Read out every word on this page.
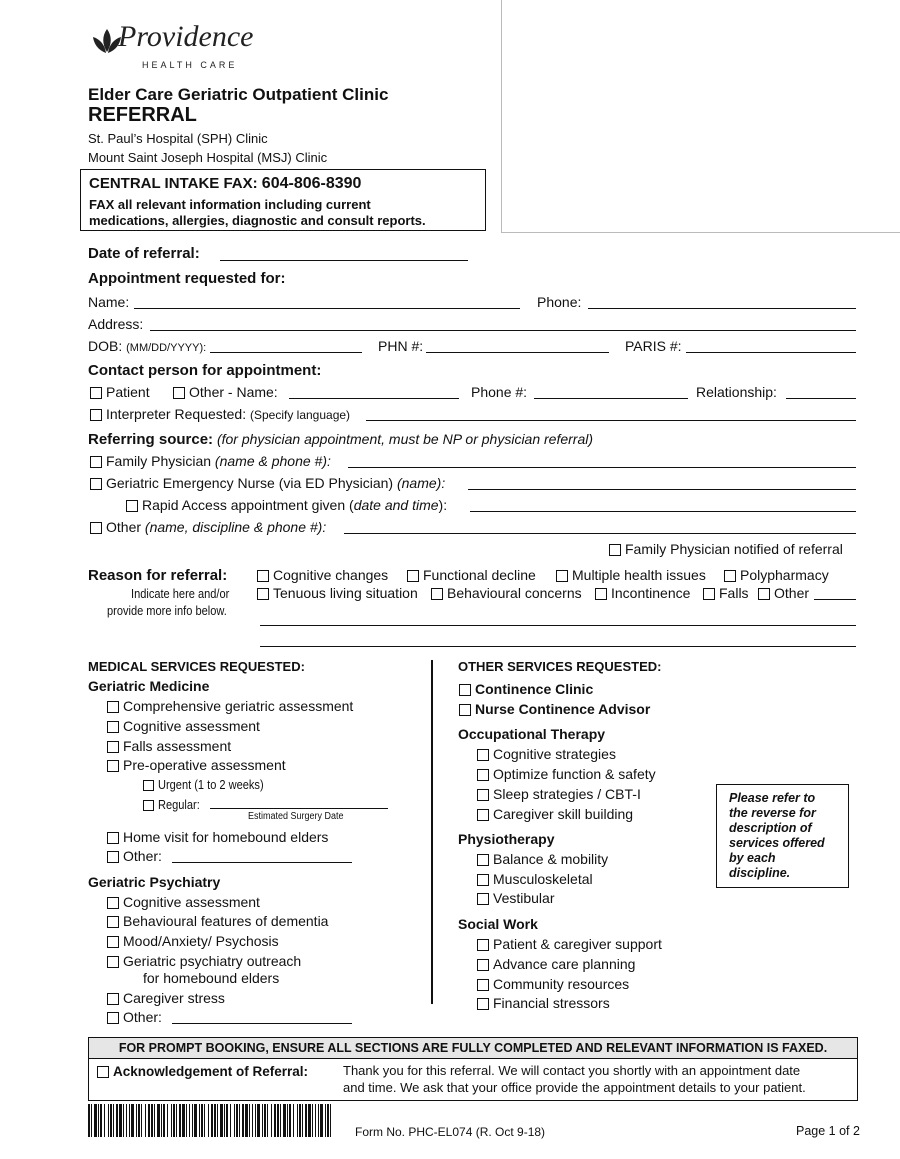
Providence
HEALTH CARE
Elder Care Geriatric Outpatient Clinic
REFERRAL
St. Paul’s Hospital (SPH) Clinic
Mount Saint Joseph Hospital (MSJ) Clinic
CENTRAL INTAKE FAX: 604-806-8390
FAX all relevant information including current
medications, allergies, diagnostic and consult reports.
Date of referral:
Appointment requested for:
Name:	Phone:
Address:
DOB: (MM/DD/YYYY):	PHN #:	PARIS #:
Contact person for appointment:
Patient	Other - Name:	Phone #:	Relationship:
Interpreter Requested: (Specify language)
Referring source: (for physician appointment, must be NP or physician referral)
Family Physician (name & phone #):
Geriatric Emergency Nurse (via ED Physician) (name):
Rapid Access appointment given (date and time):
Other (name, discipline & phone #):
Family Physician notified of referral
Reason for referral:
Indicate here and/or
provide more info below.
Cognitive changes	Functional decline	Multiple health issues	Polypharmacy
Tenuous living situation	Behavioural concerns	Incontinence	Falls	Other
MEDICAL SERVICES REQUESTED:
Geriatric Medicine
Comprehensive geriatric assessment
Cognitive assessment
Falls assessment
Pre-operative assessment
Urgent (1 to 2 weeks)
Regular:
Estimated Surgery Date
Home visit for homebound elders
Other:
Geriatric Psychiatry
Cognitive assessment
Behavioural features of dementia
Mood/Anxiety/ Psychosis
Geriatric psychiatry outreach
for homebound elders
Caregiver stress
Other:
OTHER SERVICES REQUESTED:
Continence Clinic
Nurse Continence Advisor
Occupational Therapy
Cognitive strategies
Optimize function & safety
Sleep strategies / CBT-I
Caregiver skill building
Physiotherapy
Balance & mobility
Musculoskeletal
Vestibular
Social Work
Patient & caregiver support
Advance care planning
Community resources
Financial stressors
Please refer to
the reverse for
description of
services offered
by each
discipline.
FOR PROMPT BOOKING, ENSURE ALL SECTIONS ARE FULLY COMPLETED AND RELEVANT INFORMATION IS FAXED.
Acknowledgement of Referral:	Thank you for this referral. We will contact you shortly with an appointment date
and time. We ask that your office provide the appointment details to your patient.
Form No. PHC-EL074 (R. Oct 9-18)	Page 1 of 2
